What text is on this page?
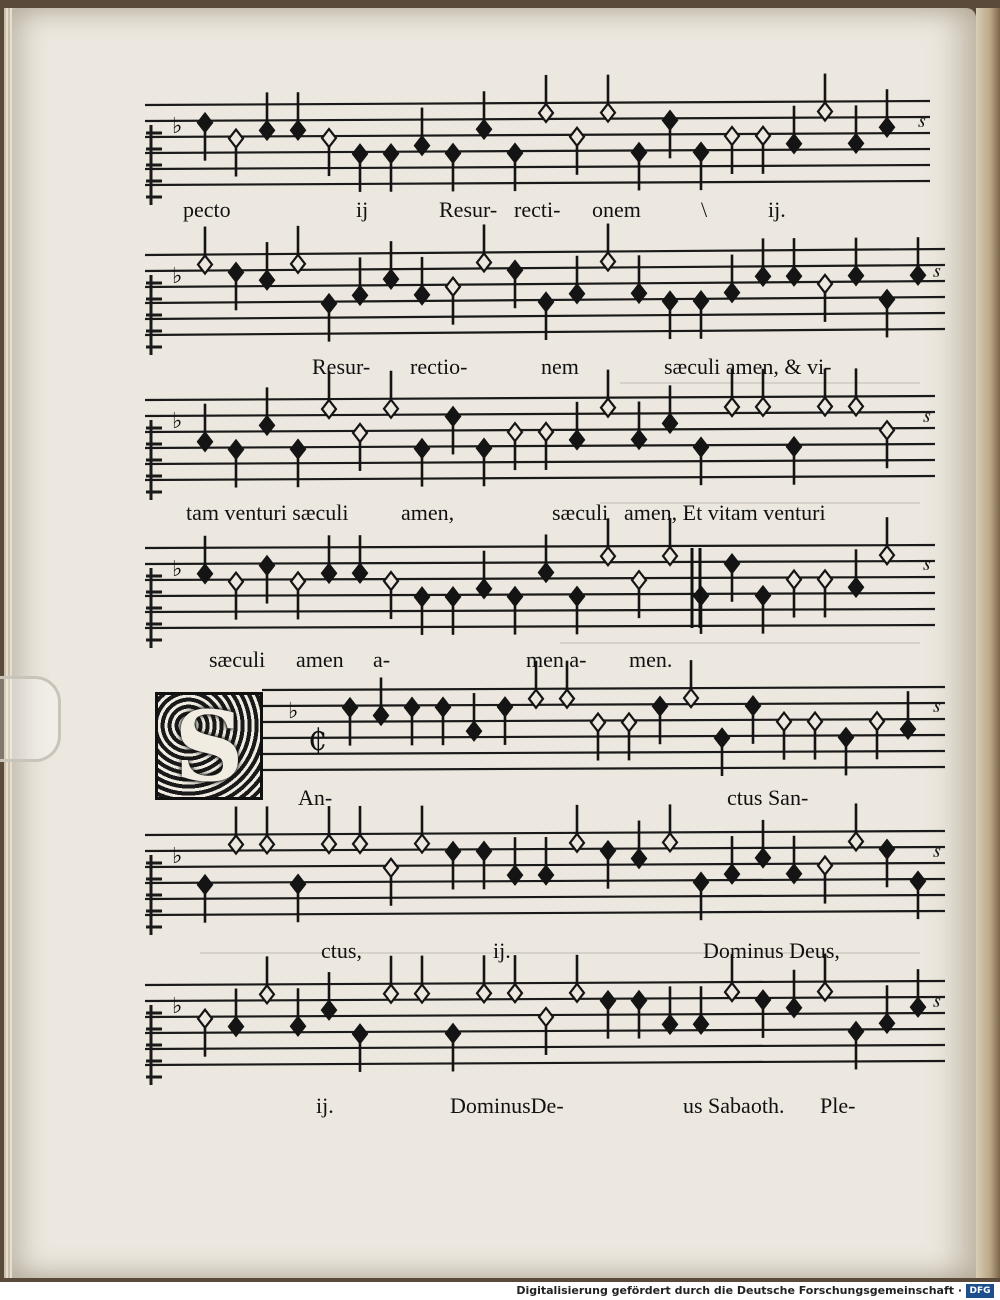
♭	𝆍
♭	𝆍
♭	𝆍
♭	𝆍
♭
₵
𝆍
♭	𝆍
♭	𝆍
S
pecto	ij	Resur- recti- onem	\	ij.
Resur- rectio-	nem	sæculi amen, & vi-
tam venturi sæculi amen,	sæculi amen, Et vitam venturi
sæculi amen a-	men a- men.
An-	ctus San-
ctus,	ij.	Dominus Deus,
ij.	DominusDe-	us Sabaoth. Ple-
Digitalisierung gefördert durch die Deutsche Forschungsgemeinschaft · DFG
